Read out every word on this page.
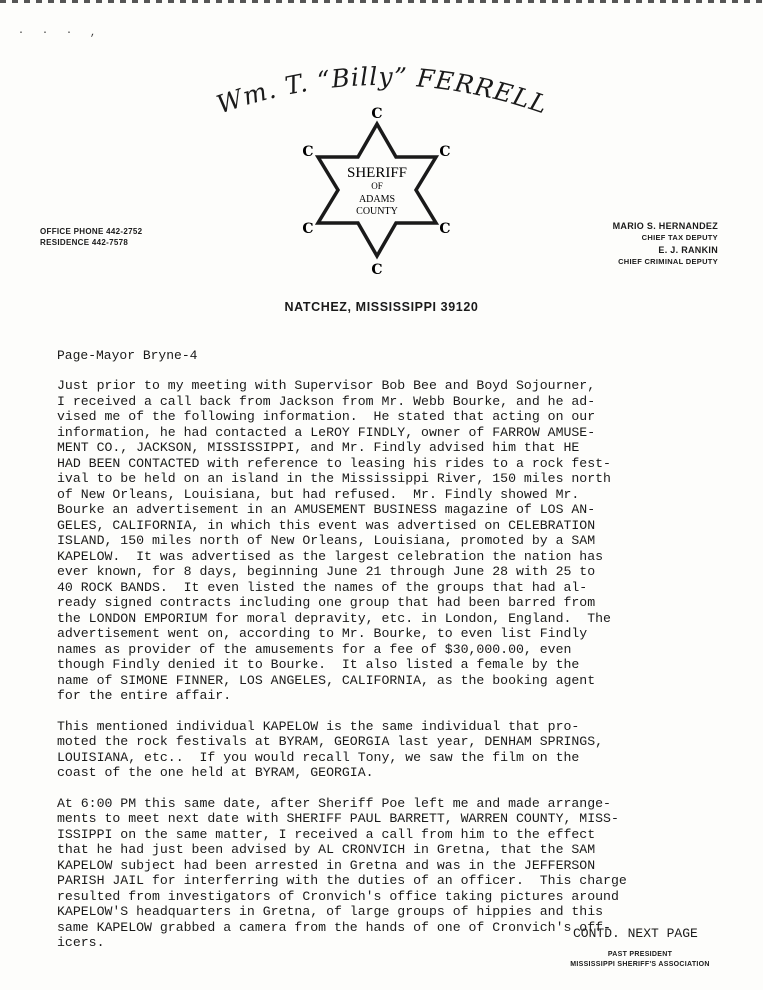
· · · ,
Wm. T. “Billy” FERRELL
C
C
C
C
C
C
SHERIFF
OF
ADAMS
COUNTY
OFFICE PHONE 442-2752
RESIDENCE 442-7578
MARIO S. HERNANDEZ
CHIEF TAX DEPUTY
E. J. RANKIN
CHIEF CRIMINAL DEPUTY
NATCHEZ, MISSISSIPPI 39120
Page-Mayor Bryne-4

Just prior to my meeting with Supervisor Bob Bee and Boyd Sojourner,
I received a call back from Jackson from Mr. Webb Bourke, and he ad-
vised me of the following information.  He stated that acting on our
information, he had contacted a LeROY FINDLY, owner of FARROW AMUSE-
MENT CO., JACKSON, MISSISSIPPI, and Mr. Findly advised him that HE
HAD BEEN CONTACTED with reference to leasing his rides to a rock fest-
ival to be held on an island in the Mississippi River, 150 miles north
of New Orleans, Louisiana, but had refused.  Mr. Findly showed Mr.
Bourke an advertisement in an AMUSEMENT BUSINESS magazine of LOS AN-
GELES, CALIFORNIA, in which this event was advertised on CELEBRATION
ISLAND, 150 miles north of New Orleans, Louisiana, promoted by a SAM
KAPELOW.  It was advertised as the largest celebration the nation has
ever known, for 8 days, beginning June 21 through June 28 with 25 to
40 ROCK BANDS.  It even listed the names of the groups that had al-
ready signed contracts including one group that had been barred from
the LONDON EMPORIUM for moral depravity, etc. in London, England.  The
advertisement went on, according to Mr. Bourke, to even list Findly
names as provider of the amusements for a fee of $30,000.00, even
though Findly denied it to Bourke.  It also listed a female by the
name of SIMONE FINNER, LOS ANGELES, CALIFORNIA, as the booking agent
for the entire affair.

This mentioned individual KAPELOW is the same individual that pro-
moted the rock festivals at BYRAM, GEORGIA last year, DENHAM SPRINGS,
LOUISIANA, etc..  If you would recall Tony, we saw the film on the
coast of the one held at BYRAM, GEORGIA.

At 6:00 PM this same date, after Sheriff Poe left me and made arrange-
ments to meet next date with SHERIFF PAUL BARRETT, WARREN COUNTY, MISS-
ISSIPPI on the same matter, I received a call from him to the effect
that he had just been advised by AL CRONVICH in Gretna, that the SAM
KAPELOW subject had been arrested in Gretna and was in the JEFFERSON
PARISH JAIL for interferring with the duties of an officer.  This charge
resulted from investigators of Cronvich's office taking pictures around
KAPELOW'S headquarters in Gretna, of large groups of hippies and this
same KAPELOW grabbed a camera from the hands of one of Cronvich's off-
icers.

CONTD. NEXT PAGE
PAST PRESIDENT
MISSISSIPPI SHERIFF'S ASSOCIATION
